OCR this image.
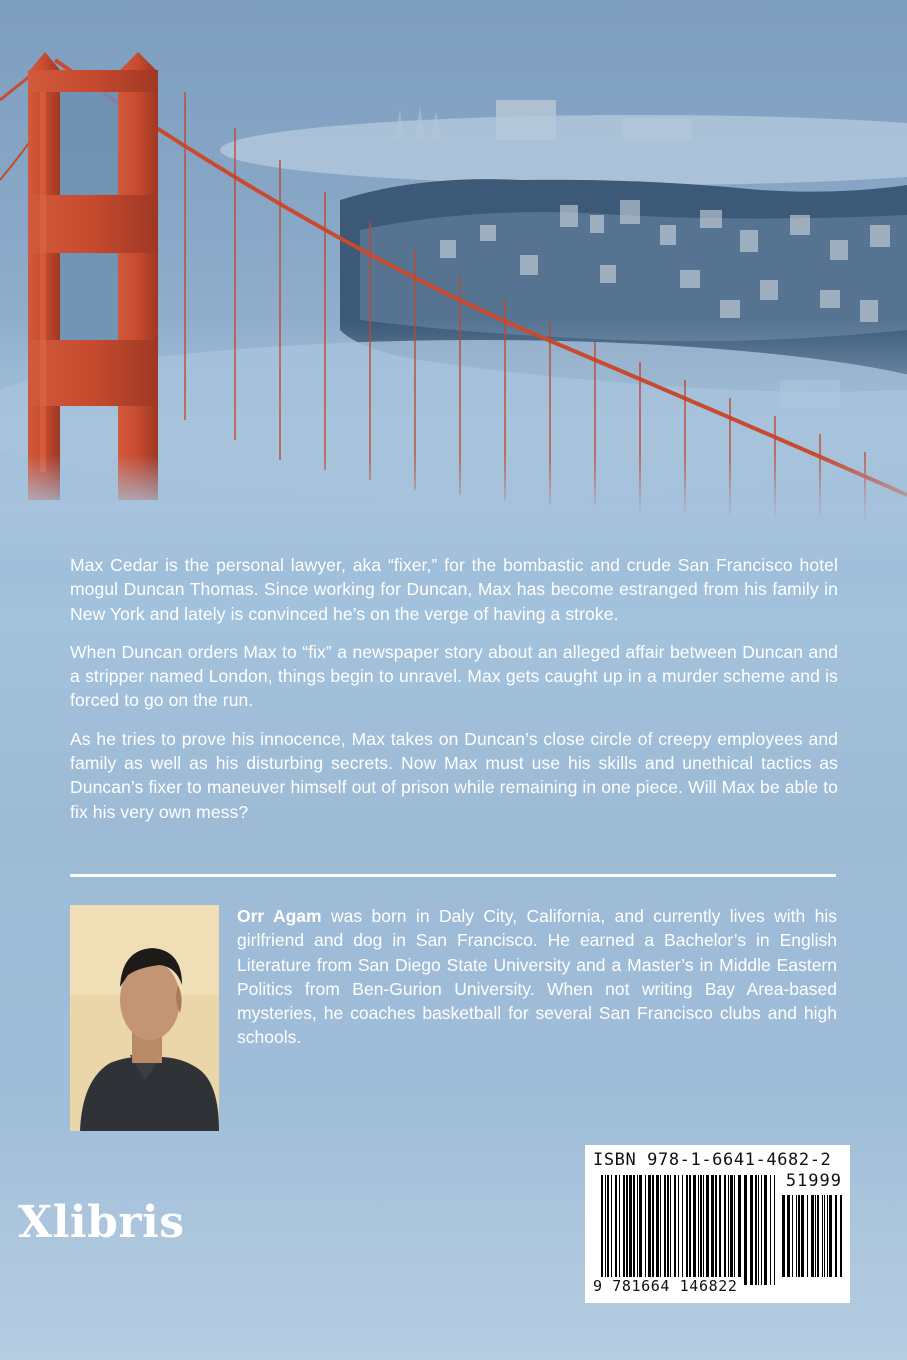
Max Cedar is the personal lawyer, aka “fixer,” for the bombastic and crude San Francisco hotel mogul Duncan Thomas. Since working for Duncan, Max has become estranged from his family in New York and lately is convinced he’s on the verge of having a stroke.

When Duncan orders Max to “fix” a newspaper story about an alleged affair between Duncan and a stripper named London, things begin to unravel. Max gets caught up in a murder scheme and is forced to go on the run.

As he tries to prove his innocence, Max takes on Duncan’s close circle of creepy employees and family as well as his disturbing secrets. Now Max must use his skills and unethical tactics as Duncan’s fixer to maneuver himself out of prison while remaining in one piece. Will Max be able to fix his very own mess?

Orr Agam was born in Daly City, California, and currently lives with his girlfriend and dog in San Francisco. He earned a Bachelor’s in English Literature from San Diego State University and a Master’s in Middle Eastern Politics from Ben-Gurion University. When not writing Bay Area-based mysteries, he coaches basketball for several San Francisco clubs and high schools.
Xlibris
ISBN 978-1-6641-4682-2
51999
9 781664 146822
